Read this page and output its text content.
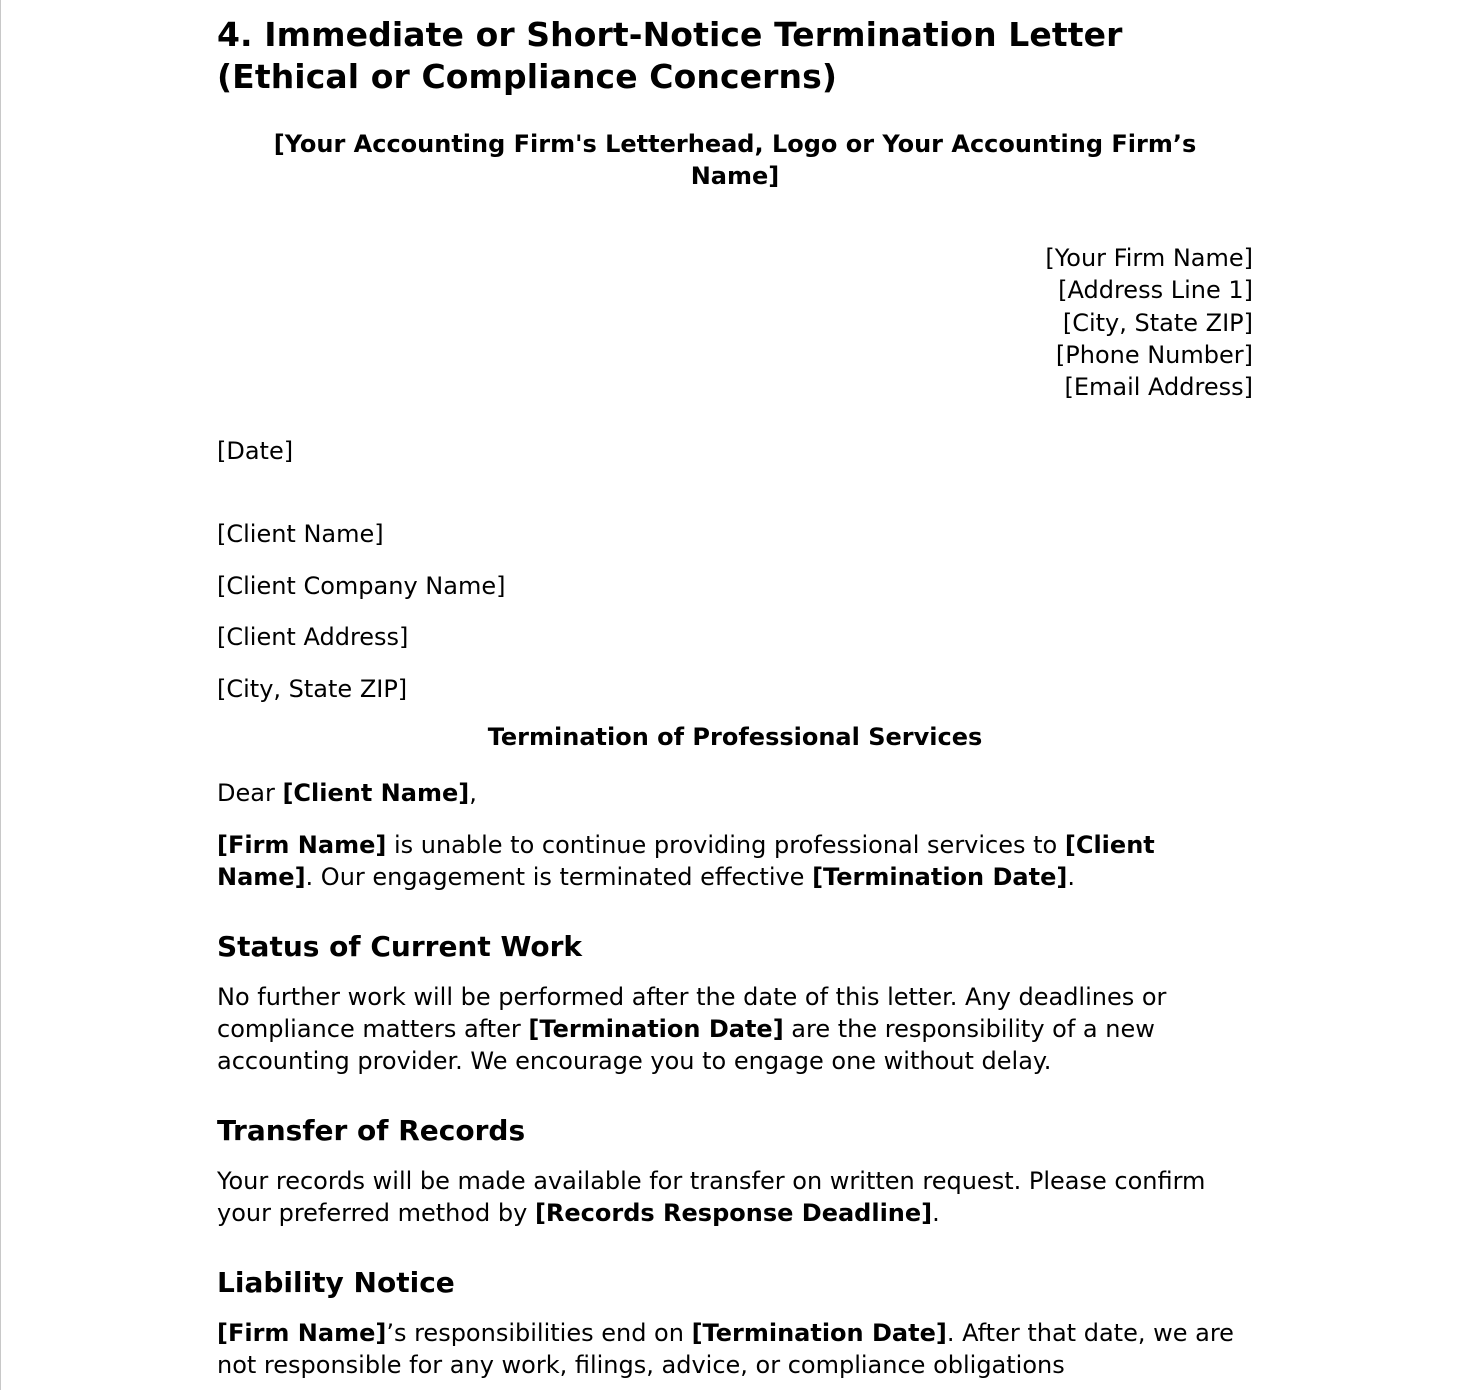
4. Immediate or Short-Notice Termination Letter (Ethical or Compliance Concerns)
[Your Accounting Firm's Letterhead, Logo or Your Accounting Firm’s Name]
[Your Firm Name]
[Address Line 1]
[City, State ZIP]
[Phone Number]
[Email Address]
[Date]
[Client Name]
[Client Company Name]
[Client Address]
[City, State ZIP]
Termination of Professional Services

Dear [Client Name],

[Firm Name] is unable to continue providing professional services to [Client Name]. Our engagement is terminated effective [Termination Date].

Status of Current Work

No further work will be performed after the date of this letter. Any deadlines or compliance matters after [Termination Date] are the responsibility of a new accounting provider. We encourage you to engage one without delay.

Transfer of Records

Your records will be made available for transfer on written request. Please confirm your preferred method by [Records Response Deadline].

Liability Notice

[Firm Name]’s responsibilities end on [Termination Date]. After that date, we are not responsible for any work, filings, advice, or compliance obligations
